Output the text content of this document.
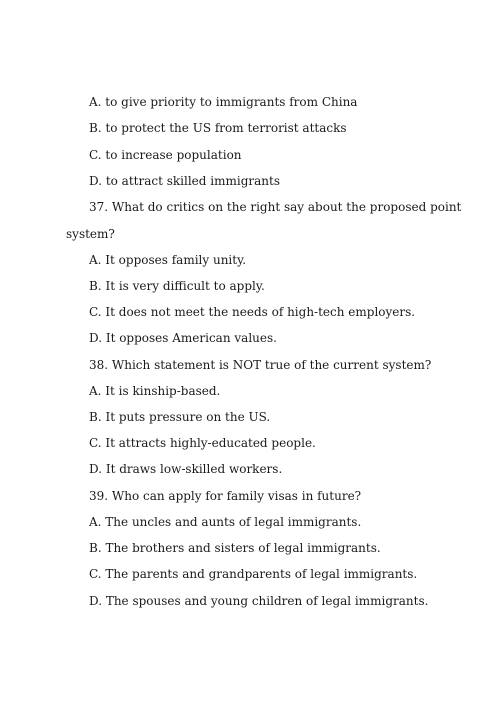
A. to give priority to immigrants from China
B. to protect the US from terrorist attacks
C. to increase population
D. to attract skilled immigrants
37. What do critics on the right say about the proposed point
system?
A. It opposes family unity.
B. It is very difficult to apply.
C. It does not meet the needs of high-tech employers.
D. It opposes American values.
38. Which statement is NOT true of the current system?
A. It is kinship-based.
B. It puts pressure on the US.
C. It attracts highly-educated people.
D. It draws low-skilled workers.
39. Who can apply for family visas in future?
A. The uncles and aunts of legal immigrants.
B. The brothers and sisters of legal immigrants.
C. The parents and grandparents of legal immigrants.
D. The spouses and young children of legal immigrants.
